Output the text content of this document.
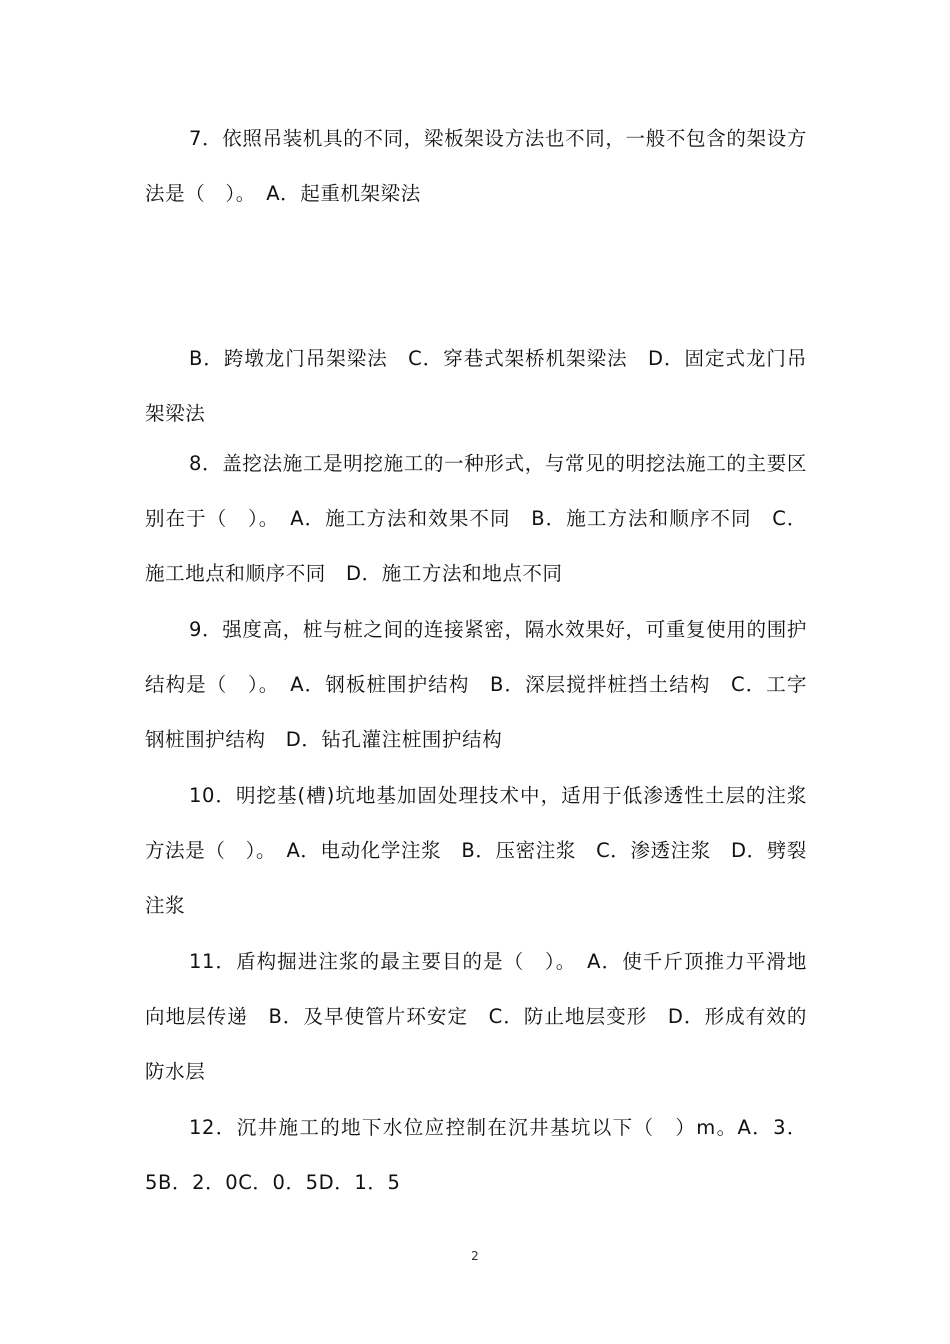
7．依照吊装机具的不同，梁板架设方法也不同，一般不包含的架设方法是（　）。　A．起重机架梁法

B．跨墩龙门吊架梁法　C．穿巷式架桥机架梁法　D．固定式龙门吊架梁法

8．盖挖法施工是明挖施工的一种形式，与常见的明挖法施工的主要区别在于（　）。　A．施工方法和效果不同　B．施工方法和顺序不同　C．施工地点和顺序不同　D．施工方法和地点不同

9．强度高，桩与桩之间的连接紧密，隔水效果好，可重复使用的围护结构是（　）。　A．钢板桩围护结构　B．深层搅拌桩挡土结构　C．工字钢桩围护结构　D．钻孔灌注桩围护结构

10．明挖基(槽)坑地基加固处理技术中，适用于低渗透性土层的注浆方法是（　）。　A．电动化学注浆　B．压密注浆　C．渗透注浆　D．劈裂注浆

11．盾构掘进注浆的最主要目的是（　）。　A．使千斤顶推力平滑地向地层传递　B．及早使管片环安定　C．防止地层变形　D．形成有效的防水层

12．沉井施工的地下水位应控制在沉井基坑以下（　）m。A．3．5B．2．0C．0．5D．1．5

2
